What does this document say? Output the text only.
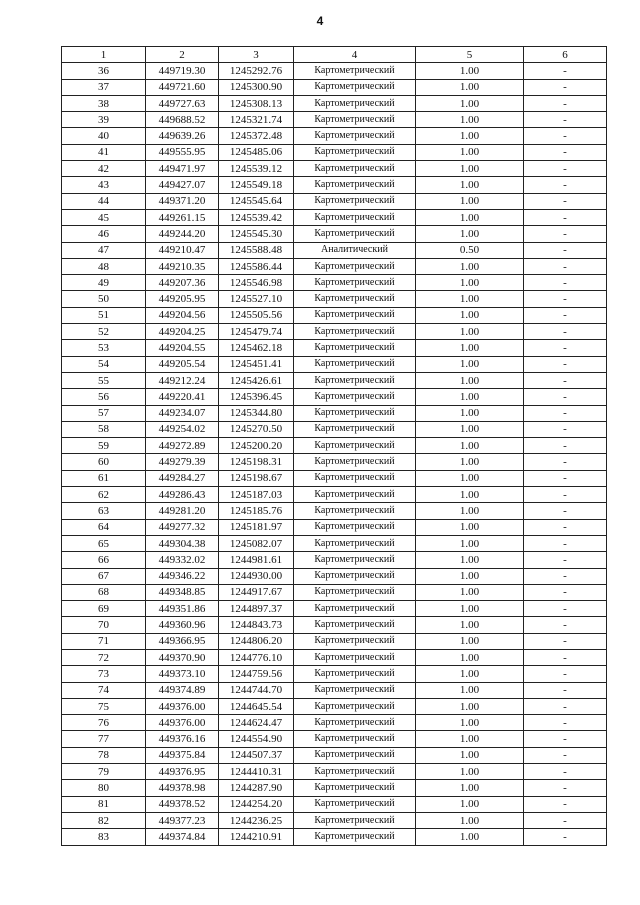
4
1	2	3	4	5	6
36	449719.30	1245292.76	Картометрический	1.00	-
37	449721.60	1245300.90	Картометрический	1.00	-
38	449727.63	1245308.13	Картометрический	1.00	-
39	449688.52	1245321.74	Картометрический	1.00	-
40	449639.26	1245372.48	Картометрический	1.00	-
41	449555.95	1245485.06	Картометрический	1.00	-
42	449471.97	1245539.12	Картометрический	1.00	-
43	449427.07	1245549.18	Картометрический	1.00	-
44	449371.20	1245545.64	Картометрический	1.00	-
45	449261.15	1245539.42	Картометрический	1.00	-
46	449244.20	1245545.30	Картометрический	1.00	-
47	449210.47	1245588.48	Аналитический	0.50	-
48	449210.35	1245586.44	Картометрический	1.00	-
49	449207.36	1245546.98	Картометрический	1.00	-
50	449205.95	1245527.10	Картометрический	1.00	-
51	449204.56	1245505.56	Картометрический	1.00	-
52	449204.25	1245479.74	Картометрический	1.00	-
53	449204.55	1245462.18	Картометрический	1.00	-
54	449205.54	1245451.41	Картометрический	1.00	-
55	449212.24	1245426.61	Картометрический	1.00	-
56	449220.41	1245396.45	Картометрический	1.00	-
57	449234.07	1245344.80	Картометрический	1.00	-
58	449254.02	1245270.50	Картометрический	1.00	-
59	449272.89	1245200.20	Картометрический	1.00	-
60	449279.39	1245198.31	Картометрический	1.00	-
61	449284.27	1245198.67	Картометрический	1.00	-
62	449286.43	1245187.03	Картометрический	1.00	-
63	449281.20	1245185.76	Картометрический	1.00	-
64	449277.32	1245181.97	Картометрический	1.00	-
65	449304.38	1245082.07	Картометрический	1.00	-
66	449332.02	1244981.61	Картометрический	1.00	-
67	449346.22	1244930.00	Картометрический	1.00	-
68	449348.85	1244917.67	Картометрический	1.00	-
69	449351.86	1244897.37	Картометрический	1.00	-
70	449360.96	1244843.73	Картометрический	1.00	-
71	449366.95	1244806.20	Картометрический	1.00	-
72	449370.90	1244776.10	Картометрический	1.00	-
73	449373.10	1244759.56	Картометрический	1.00	-
74	449374.89	1244744.70	Картометрический	1.00	-
75	449376.00	1244645.54	Картометрический	1.00	-
76	449376.00	1244624.47	Картометрический	1.00	-
77	449376.16	1244554.90	Картометрический	1.00	-
78	449375.84	1244507.37	Картометрический	1.00	-
79	449376.95	1244410.31	Картометрический	1.00	-
80	449378.98	1244287.90	Картометрический	1.00	-
81	449378.52	1244254.20	Картометрический	1.00	-
82	449377.23	1244236.25	Картометрический	1.00	-
83	449374.84	1244210.91	Картометрический	1.00	-
